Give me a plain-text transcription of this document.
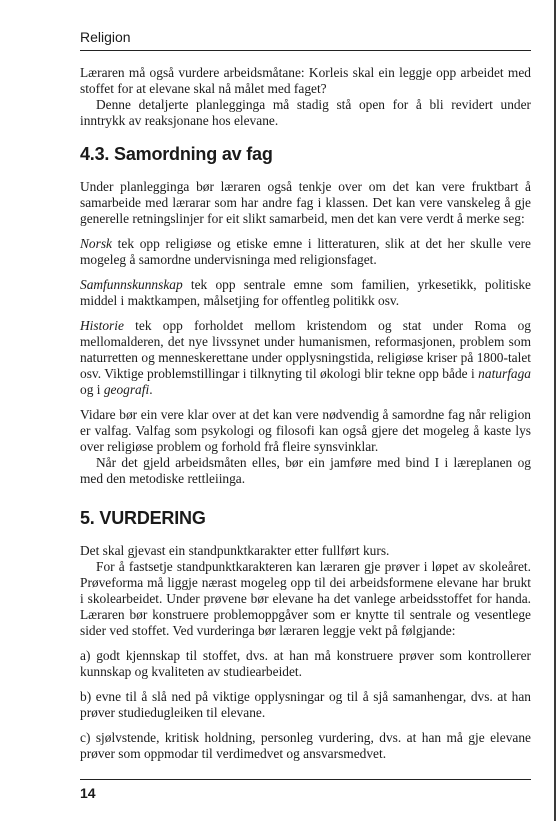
Religion

Læraren må også vurdere arbeidsmåtane: Korleis skal ein leggje opp arbeidet med stoffet for at elevane skal nå målet med faget?

Denne detaljerte planlegginga må stadig stå open for å bli revidert under inntrykk av reaksjonane hos elevane.

4.3. Samordning av fag

Under planlegginga bør læraren også tenkje over om det kan vere fruktbart å samarbeide med lærarar som har andre fag i klassen. Det kan vere vanskeleg å gje generelle retningslinjer for eit slikt samarbeid, men det kan vere verdt å merke seg:

Norsk tek opp religiøse og etiske emne i litteraturen, slik at det her skulle vere mogeleg å samordne undervisninga med religionsfaget.

Samfunnskunnskap tek opp sentrale emne som familien, yrkesetikk, politiske middel i maktkampen, målsetjing for offentleg politikk osv.

Historie tek opp forholdet mellom kristendom og stat under Roma og mellomalderen, det nye livssynet under humanismen, reformasjonen, problem som naturretten og menneskerettane under opplysningstida, religiøse kriser på 1800-talet osv. Viktige problemstillingar i tilknyting til økologi blir tekne opp både i naturfaga og i geografi.

Vidare bør ein vere klar over at det kan vere nødvendig å samordne fag når religion er valfag. Valfag som psykologi og filosofi kan også gjere det mogeleg å kaste lys over religiøse problem og forhold frå fleire synsvinklar.

Når det gjeld arbeidsmåten elles, bør ein jamføre med bind I i læreplanen og med den metodiske rettleiinga.

5. VURDERING

Det skal gjevast ein standpunktkarakter etter fullført kurs.

For å fastsetje standpunktkarakteren kan læraren gje prøver i løpet av skoleåret. Prøveforma må liggje nærast mogeleg opp til dei arbeidsformene elevane har brukt i skolearbeidet. Under prøvene bør elevane ha det vanlege arbeidsstoffet for handa. Læraren bør konstruere problemoppgåver som er knytte til sentrale og vesentlege sider ved stoffet. Ved vurderinga bør læraren leggje vekt på følgjande:

a) godt kjennskap til stoffet, dvs. at han må konstruere prøver som kontrollerer kunnskap og kvaliteten av studiearbeidet.

b) evne til å slå ned på viktige opplysningar og til å sjå samanhengar, dvs. at han prøver studiedugleiken til elevane.

c) sjølvstende, kritisk holdning, personleg vurdering, dvs. at han må gje elevane prøver som oppmodar til verdimedvet og ansvarsmedvet.

14
